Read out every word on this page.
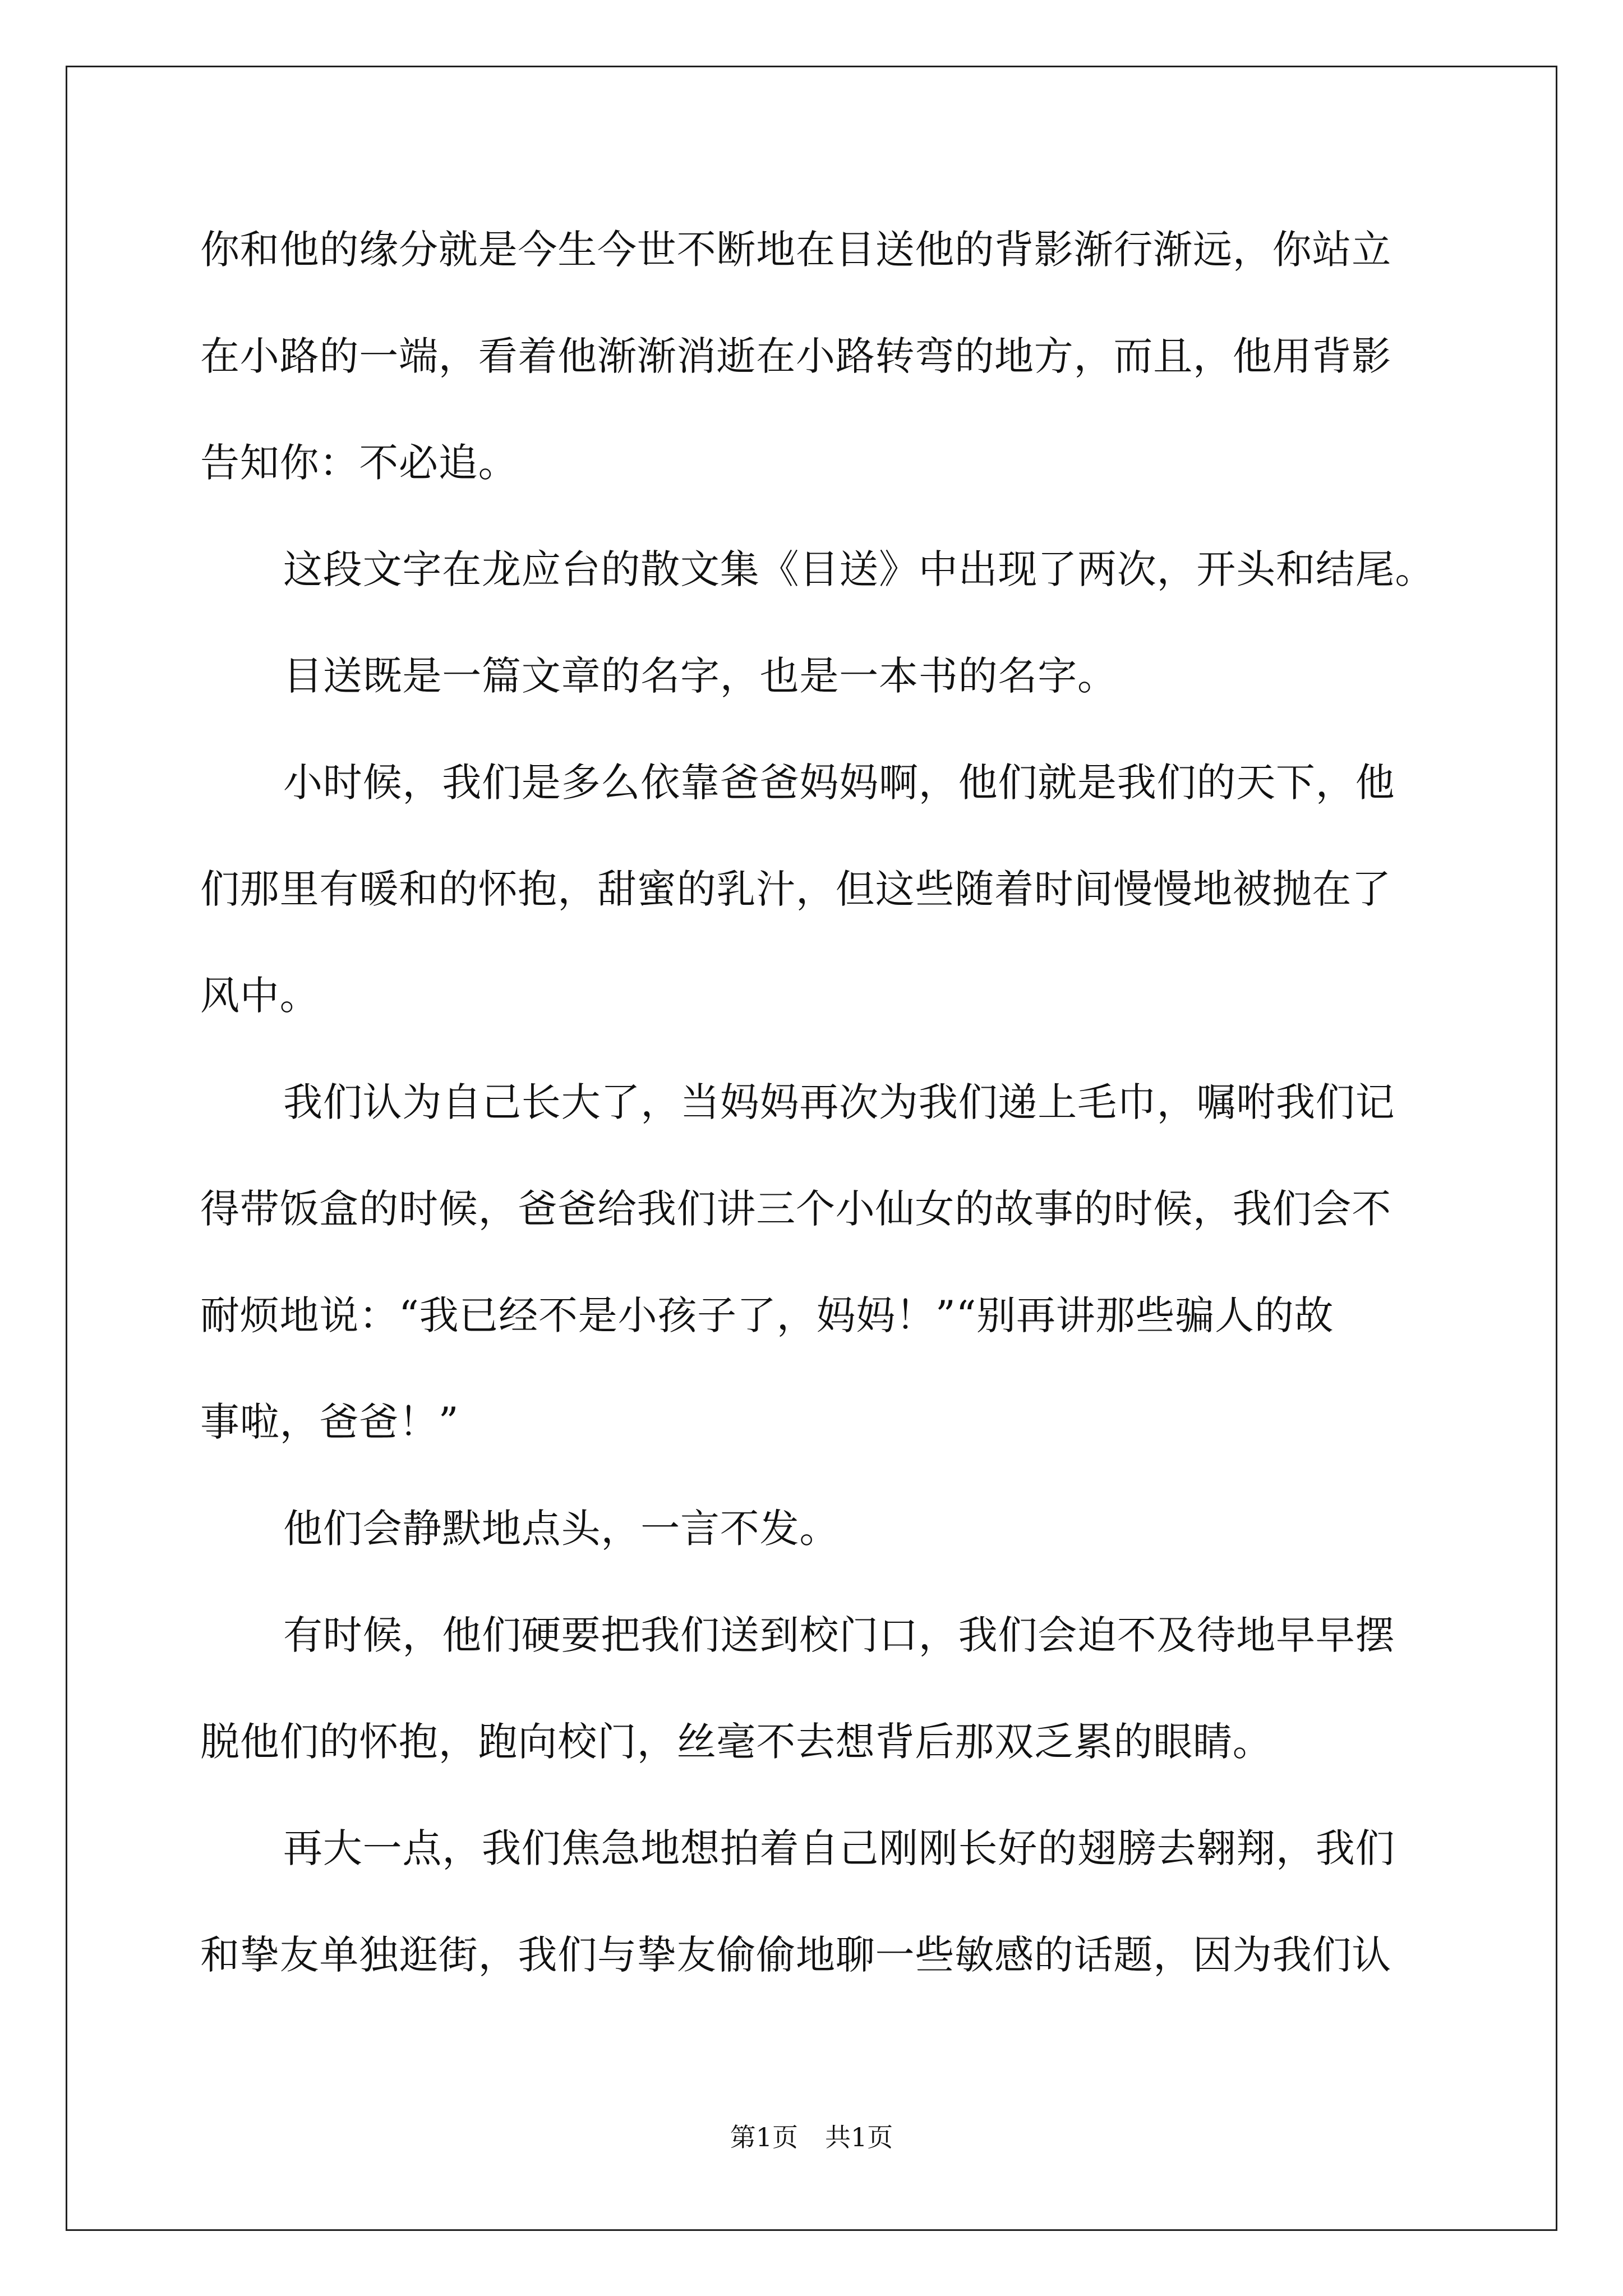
你和他的缘分就是今生今世不断地在目送他的背影渐行渐远，你站立
在小路的一端，看着他渐渐消逝在小路转弯的地方，而且，他用背影
告知你：不必追。
这段文字在龙应台的散文集《目送》中出现了两次，开头和结尾。
目送既是一篇文章的名字，也是一本书的名字。
小时候，我们是多么依靠爸爸妈妈啊，他们就是我们的天下，他
们那里有暖和的怀抱，甜蜜的乳汁，但这些随着时间慢慢地被抛在了
风中。
我们认为自己长大了，当妈妈再次为我们递上毛巾，嘱咐我们记
得带饭盒的时候，爸爸给我们讲三个小仙女的故事的时候，我们会不
耐烦地说：“我已经不是小孩子了，妈妈！”“别再讲那些骗人的故
事啦，爸爸！”
他们会静默地点头，一言不发。
有时候，他们硬要把我们送到校门口，我们会迫不及待地早早摆
脱他们的怀抱，跑向校门，丝毫不去想背后那双乏累的眼睛。
再大一点，我们焦急地想拍着自己刚刚长好的翅膀去翱翔，我们
和挚友单独逛街，我们与挚友偷偷地聊一些敏感的话题，因为我们认
第1页 共1页
